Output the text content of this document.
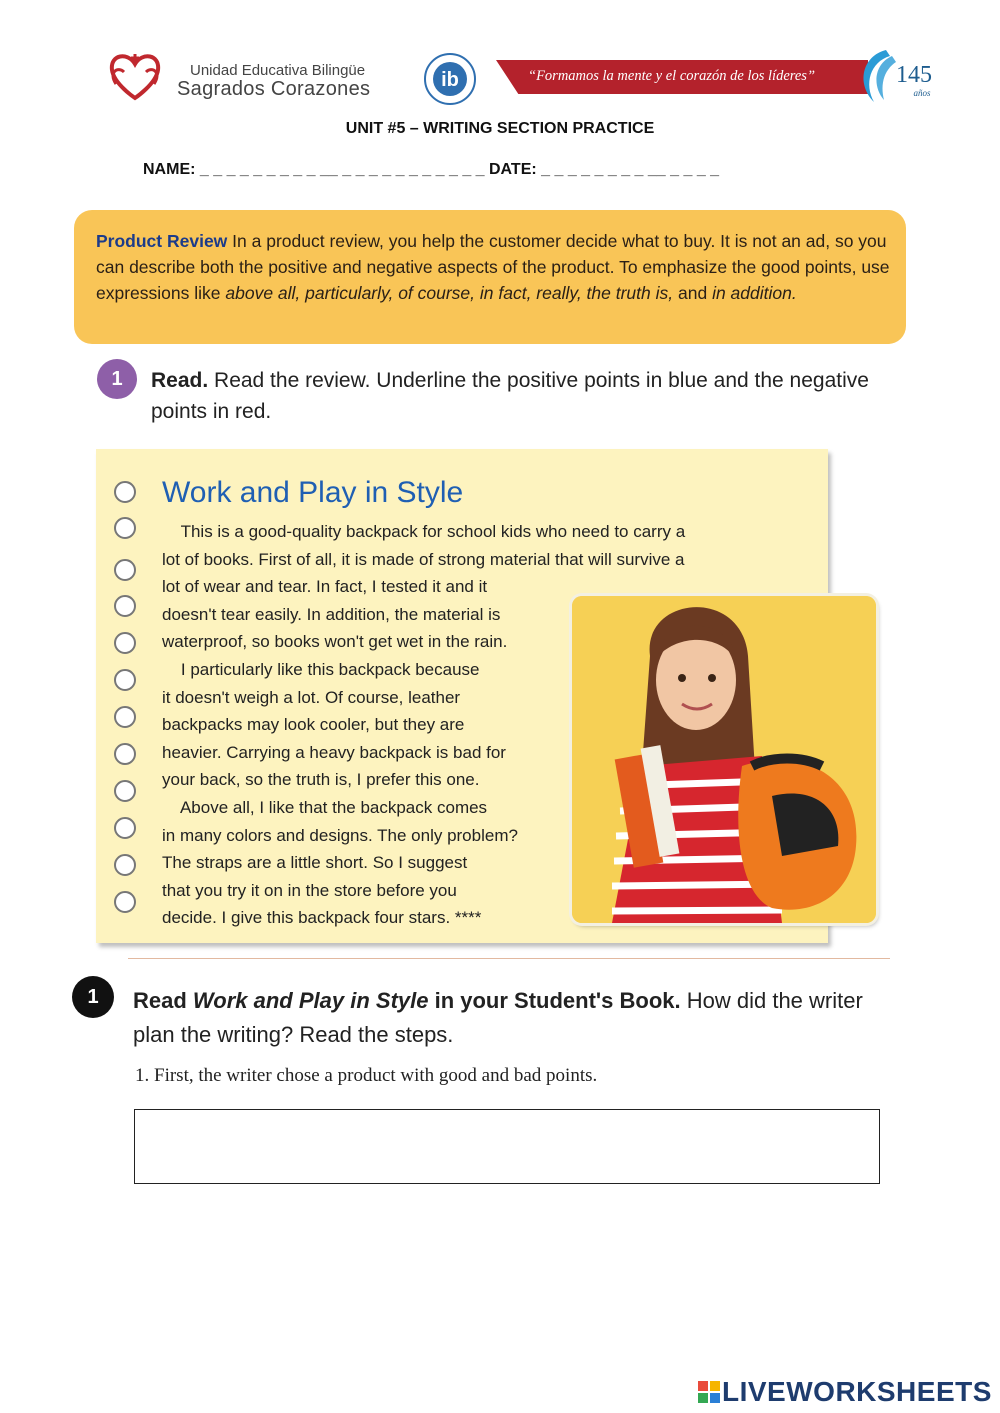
Unidad Educativa Bilingüe
Sagrados Corazones	ib	“Formamos la mente y el corazón de los líderes”	145
años
UNIT #5 – WRITING SECTION PRACTICE
NAME: _ _ _ _ _ _ _ _ _ __ _ _ _ _ _ _ _ _ _ _ _ DATE: _ _ _ _ _ _ _ _ __ _ _ _ _
Product Review In a product review, you help the customer decide what to buy. It is not an ad, so you can describe both the positive and negative aspects of the product. To emphasize the good points, use expressions like above all, particularly, of course, in fact, really, the truth is, and in addition.
1	Read. Read the review. Underline the positive points in blue and the negative points in red.
Work and Play in Style
This is a good-quality backpack for school kids who need to carry a
lot of books. First of all, it is made of strong material that will survive a
lot of wear and tear. In fact, I tested it and it
doesn't tear easily. In addition, the material is
waterproof, so books won't get wet in the rain.
I particularly like this backpack because
it doesn't weigh a lot. Of course, leather
backpacks may look cooler, but they are
heavier. Carrying a heavy backpack is bad for
your back, so the truth is, I prefer this one.
Above all, I like that the backpack comes
in many colors and designs. The only problem?
The straps are a little short. So I suggest
that you try it on in the store before you
decide. I give this backpack four stars. ****
1	Read Work and Play in Style in your Student's Book. How did the writer plan the writing? Read the steps.
1. First, the writer chose a product with good and bad points.
LIVEWORKSHEETS
